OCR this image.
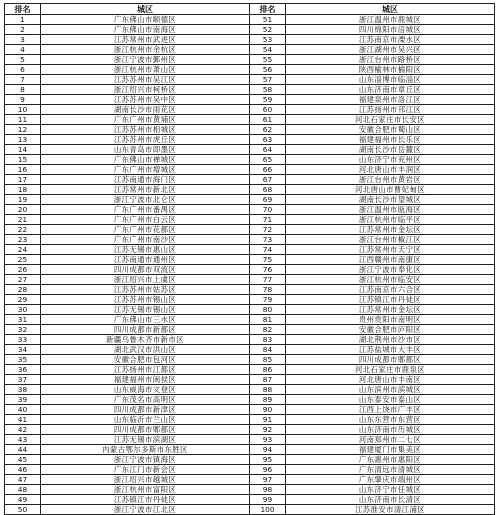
排名	城区	排名	城区
1	广东佛山市顺德区	51	浙江温州市鹿城区
2	广东佛山市南海区	52	四川绵阳市涪城区
3	江苏常州市武进区	53	江苏南京市溧水区
4	浙江杭州市余杭区	54	浙江湖州市吴兴区
5	浙江宁波市鄞州区	55	浙江台州市路桥区
6	浙江杭州市萧山区	56	陕西榆林市榆阳区
7	江苏苏州市吴江区	57	山东淄博市临淄区
8	浙江绍兴市柯桥区	58	山东济南市章丘区
9	江苏苏州市吴中区	59	福建泉州市洛江区
10	湖南长沙市雨花区	60	江苏扬州市邗江区
11	广东广州市黄埔区	61	河北石家庄市长安区
12	江苏苏州市相城区	62	安徽合肥市蜀山区
13	江苏苏州市虎丘区	63	福建福州市长乐区
14	山东青岛市即墨区	64	湖南长沙市岳麓区
15	广东佛山市禅城区	65	山东济宁市兖州区
16	广东广州市增城区	66	河北唐山市丰润区
17	江苏南通市海门区	67	浙江台州市黄岩区
18	江苏常州市新北区	68	河北唐山市曹妃甸区
19	浙江宁波市北仑区	69	湖南长沙市望城区
20	广东广州市番禺区	70	浙江温州市瓯海区
21	广东广州市白云区	71	浙江杭州市临平区
22	广东广州市花都区	72	江苏常州市金坛区
23	广东广州市南沙区	73	浙江台州市椒江区
24	江苏无锡市惠山区	74	江苏常州市天宁区
25	江苏南通市通州区	75	江西赣州市南康区
26	四川成都市双流区	76	浙江宁波市奉化区
27	浙江绍兴市上虞区	77	浙江杭州市临安区
28	江苏苏州市姑苏区	78	江苏南京市六合区
29	江苏苏州市锡山区	79	江苏镇江市丹徒区
30	江苏无锡市锡山区	80	江苏常州市金坛区
31	广东佛山市三水区	81	贵州贵阳市南明区
32	四川成都市新都区	82	安徽合肥市庐阳区
33	新疆乌鲁木齐市新市区	83	湖北荆州市沙市区
34	湖北武汉市洪山区	84	江苏盐城市大丰区
35	安徽合肥市包河区	85	四川成都市郫都区
36	江苏扬州市江都区	86	河北石家庄市鹿泉区
37	福建福州市闽侯区	87	河北唐山市丰南区
38	山东威海市文登区	88	山东滨州市滨城区
39	广东茂名市高明区	89	山东泰安市泰山区
40	四川成都市新津区	90	江西上饶市广丰区
41	山东临沂市兰山区	91	山东东营市东营区
42	四川成都市郫都区	92	山东济南市历城区
43	江苏无锡市滨湖区	93	河南郑州市二七区
44	内蒙古鄂尔多斯市东胜区	94	福建厦门市集美区
45	浙江宁波市镇海区	95	广东惠州市惠阳区
46	广东江门市新会区	96	广东清远市清城区
47	浙江绍兴市越城区	97	广东肇庆市端州区
48	浙江杭州市富阳区	98	山东济宁市任城区
49	江苏镇江市丹徒区	99	山东济南市长清区
50	浙江宁波市江北区	100	江苏淮安市清江浦区
